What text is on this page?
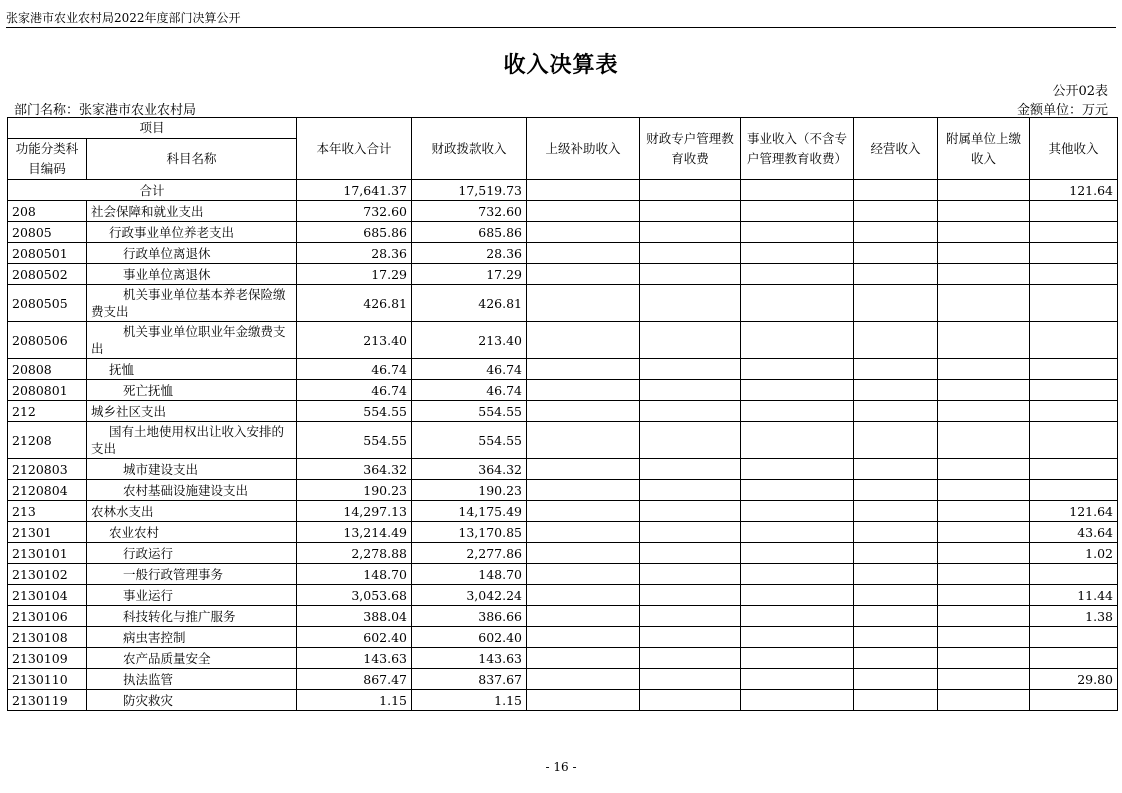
张家港市农业农村局2022年度部门决算公开
收入决算表
公开02表
部门名称：张家港市农业农村局	金额单位：万元
项目		本年收入合计	财政拨款收入	上级补助收入	财政专户管理教育收费	事业收入（不含专户管理教育收费）	经营收入	附属单位上缴收入	其他收入
功能分类科目编码	科目名称								
合计		17,641.37	17,519.73						121.64
208	社会保障和就业支出	732.60	732.60						
20805	行政事业单位养老支出	685.86	685.86						
2080501	行政单位离退休	28.36	28.36						
2080502	事业单位离退休	17.29	17.29						
2080505	机关事业单位基本养老保险缴费支出	426.81	426.81						
2080506	机关事业单位职业年金缴费支出	213.40	213.40						
20808	抚恤	46.74	46.74						
2080801	死亡抚恤	46.74	46.74						
212	城乡社区支出	554.55	554.55						
21208	国有土地使用权出让收入安排的支出	554.55	554.55						
2120803	城市建设支出	364.32	364.32						
2120804	农村基础设施建设支出	190.23	190.23						
213	农林水支出	14,297.13	14,175.49						121.64
21301	农业农村	13,214.49	13,170.85						43.64
2130101	行政运行	2,278.88	2,277.86						1.02
2130102	一般行政管理事务	148.70	148.70						
2130104	事业运行	3,053.68	3,042.24						11.44
2130106	科技转化与推广服务	388.04	386.66						1.38
2130108	病虫害控制	602.40	602.40						
2130109	农产品质量安全	143.63	143.63						
2130110	执法监管	867.47	837.67						29.80
2130119	防灾救灾	1.15	1.15						
- 16 -
